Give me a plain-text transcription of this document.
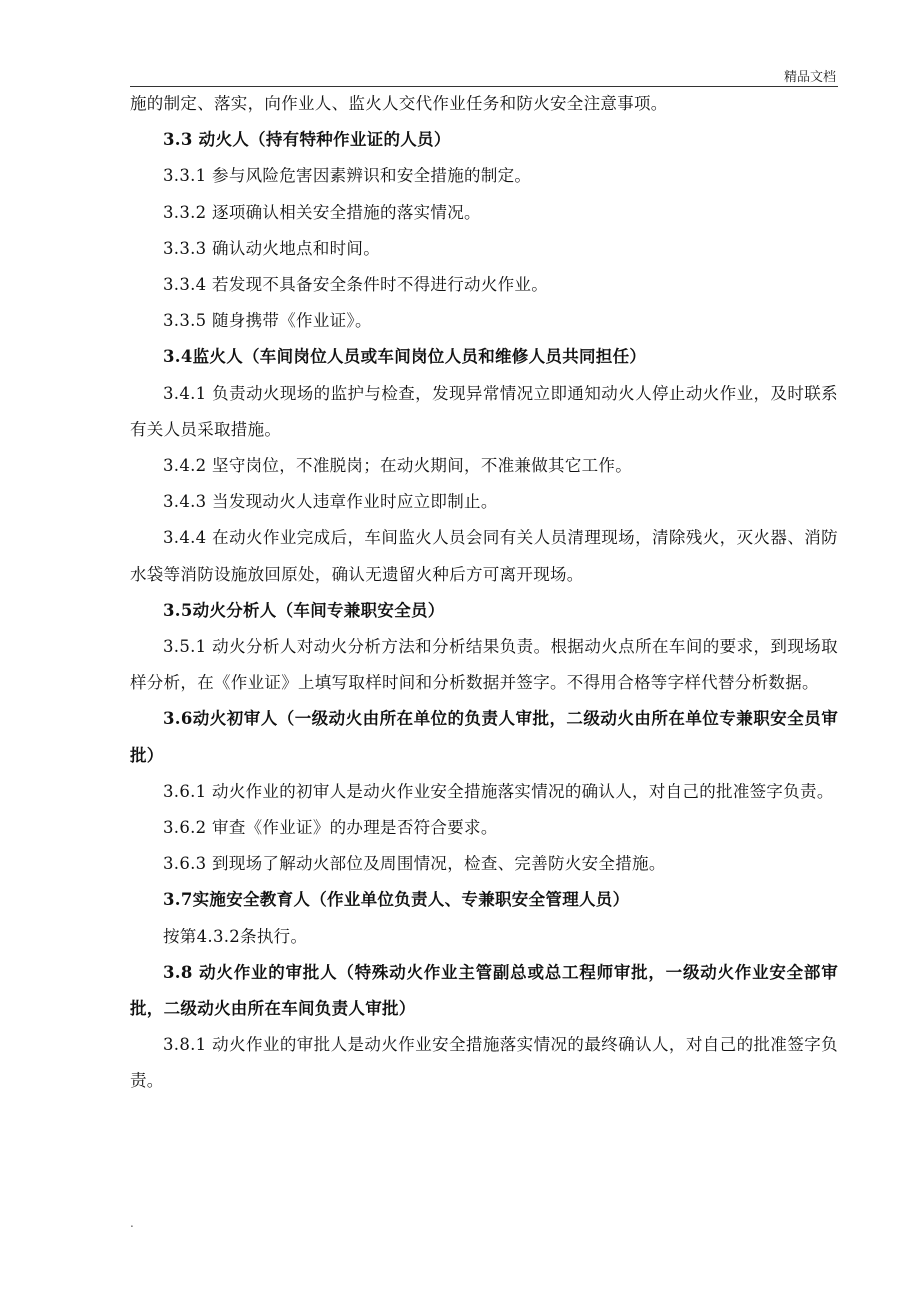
精品文档

施的制定、落实，向作业人、监火人交代作业任务和防火安全注意事项。

3.3 动火人（持有特种作业证的人员）

3.3.1 参与风险危害因素辨识和安全措施的制定。

3.3.2 逐项确认相关安全措施的落实情况。

3.3.3 确认动火地点和时间。

3.3.4 若发现不具备安全条件时不得进行动火作业。

3.3.5 随身携带《作业证》。

3.4监火人（车间岗位人员或车间岗位人员和维修人员共同担任）

3.4.1 负责动火现场的监护与检查，发现异常情况立即通知动火人停止动火作业，及时联系有关人员采取措施。

3.4.2 坚守岗位，不准脱岗；在动火期间，不准兼做其它工作。

3.4.3 当发现动火人违章作业时应立即制止。

3.4.4 在动火作业完成后，车间监火人员会同有关人员清理现场，清除残火，灭火器、消防水袋等消防设施放回原处，确认无遗留火种后方可离开现场。

3.5动火分析人（车间专兼职安全员）

3.5.1 动火分析人对动火分析方法和分析结果负责。根据动火点所在车间的要求，到现场取样分析，在《作业证》上填写取样时间和分析数据并签字。不得用合格等字样代替分析数据。

3.6动火初审人（一级动火由所在单位的负责人审批，二级动火由所在单位专兼职安全员审批）

3.6.1 动火作业的初审人是动火作业安全措施落实情况的确认人，对自己的批准签字负责。

3.6.2 审查《作业证》的办理是否符合要求。

3.6.3 到现场了解动火部位及周围情况，检查、完善防火安全措施。

3.7实施安全教育人（作业单位负责人、专兼职安全管理人员）

按第4.3.2条执行。

3.8 动火作业的审批人（特殊动火作业主管副总或总工程师审批，一级动火作业安全部审批，二级动火由所在车间负责人审批）

3.8.1 动火作业的审批人是动火作业安全措施落实情况的最终确认人，对自己的批准签字负责。

.
